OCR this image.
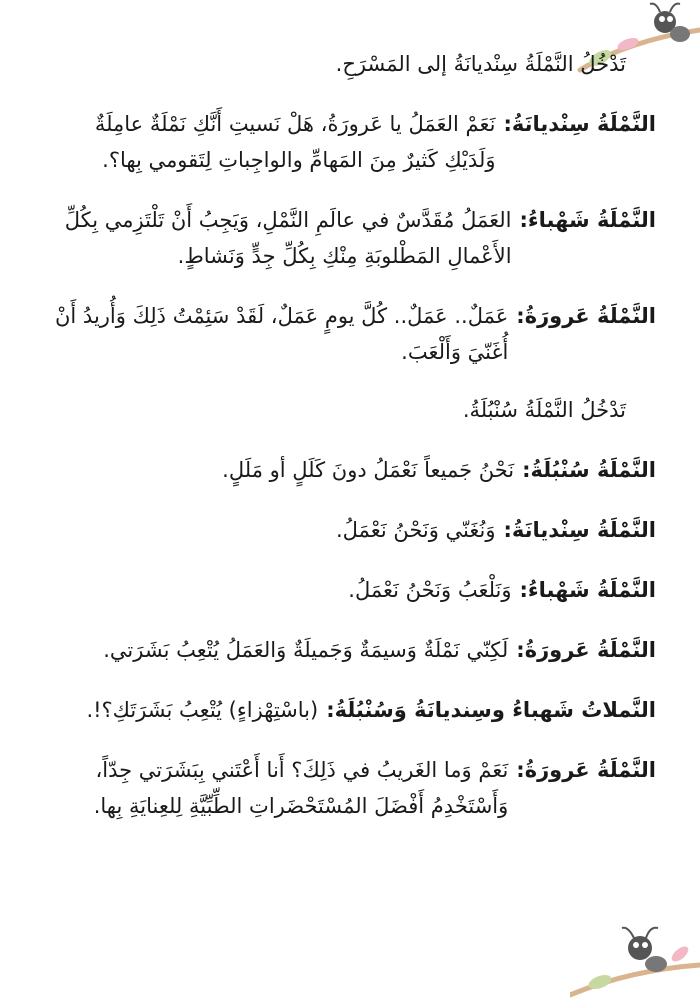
تَدْخُلُ النَّمْلَةُ سِنْديانَةُ إلى المَسْرَحِ.
النَّمْلَةُ سِنْديانَةُ:
نَعَمْ العَمَلُ يا عَرورَةُ، هَلْ نَسيتِ أَنَّكِ نَمْلَةٌ عامِلَةٌ وَلَدَيْكِ كَثيرٌ مِنَ المَهامِّ والواجِباتِ لِتَقومي بِها؟.
النَّمْلَةُ شَهْباءُ:
العَمَلُ مُقَدَّسٌ في عالَمِ النَّمْلِ، وَيَجِبُ أَنْ تَلْتَزِمي بِكُلِّ الأَعْمالِ المَطْلوبَةِ مِنْكِ بِكُلِّ جِدٍّ وَنَشاطٍ.
النَّمْلَةُ عَرورَةُ:
عَمَلٌ.. عَمَلٌ.. كُلَّ يومٍ عَمَلٌ، لَقَدْ سَئِمْتُ ذَلِكَ وَأُريدُ أَنْ أُغَنّيَ وَأَلْعَبَ.
تَدْخُلُ النَّمْلَةُ سُنْبُلَةُ.
النَّمْلَةُ سُنْبُلَةُ:
نَحْنُ جَميعاً نَعْمَلُ دونَ كَلَلٍ أو مَلَلٍ.
النَّمْلَةُ سِنْديانَةُ:
وَنُغَنّي وَنَحْنُ نَعْمَلُ.
النَّمْلَةُ شَهْباءُ:
وَنَلْعَبُ وَنَحْنُ نَعْمَلُ.
النَّمْلَةُ عَرورَةُ:
لَكِنّي نَمْلَةٌ وَسيمَةٌ وَجَميلَةٌ وَالعَمَلُ يُتْعِبُ بَشَرَتي.
النَّملاتُ شَهباءُ وسِنديانَةُ وَسُنْبُلَةُ:
(باسْتِهْزاءٍ) يُتْعِبُ بَشَرَتَكِ؟!.
النَّمْلَةُ عَرورَةُ:
نَعَمْ وَما الغَريبُ في ذَلِكَ؟ أَنا أَعْتَني بِبَشَرَتي جِدّاً، وَأَسْتَخْدِمُ أَفْضَلَ المُسْتَحْضَراتِ الطِّبِّيَّةِ لِلعِنايَةِ بِها.
